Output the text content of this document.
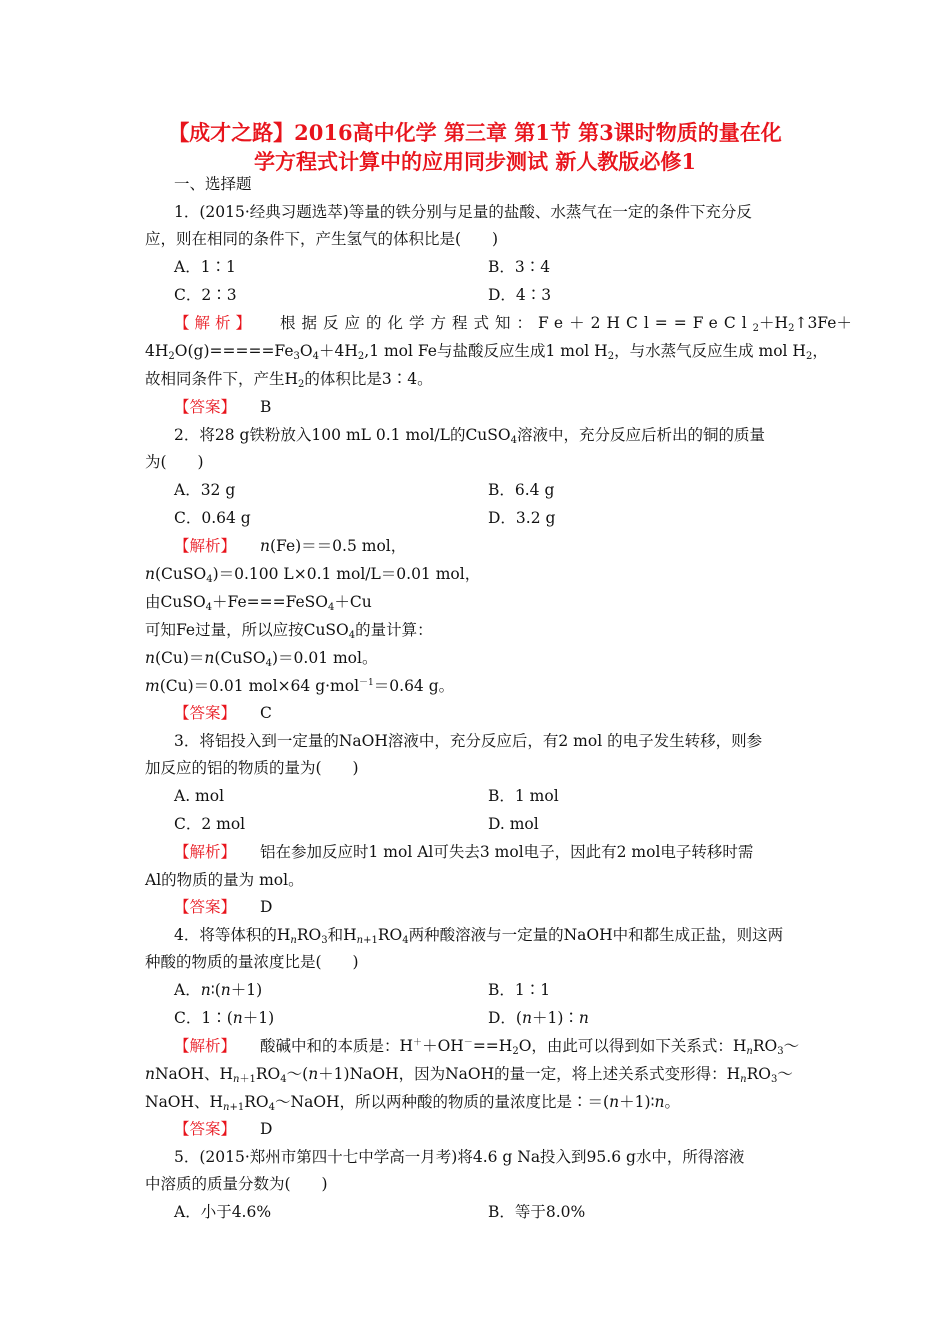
【成才之路】2016高中化学 第三章 第1节 第3课时物质的量在化
学方程式计算中的应用同步测试 新人教版必修1
一、选择题
1．(2015·经典习题选萃)等量的铁分别与足量的盐酸、水蒸气在一定的条件下充分反
应，则在相同的条件下，产生氢气的体积比是(　　)
A．1∶1	B．3∶4
C．2∶3	D．4∶3
【解析】 根据反应的化学方程式知：$Fe+2HCl==FeCl_2+H_2↑3Fe+$
$4H_2O(g)=====Fe_3O_4+4H_2,1$ mol Fe与盐酸反应生成1 mol $H_2$，与水蒸气反应生成 mol $H_2$，
故相同条件下，产生$H_2$的体积比是3∶4。
【答案】 B
2．将28 g铁粉放入100 mL 0.1 mol/L的CuSO$_4$溶液中，充分反应后析出的铜的质量
为(　　)
A．32 g	B．6.4 g
C．0.64 g	D．3.2 g
【解析】 n(Fe)＝＝0.5 mol，
n(CuSO$_4$)＝0.100 L×0.1 mol/L＝0.01 mol，
由CuSO$_4$＋Fe===FeSO$_4$＋Cu
可知Fe过量，所以应按CuSO$_4$的量计算：
n(Cu)＝n(CuSO$_4$)＝0.01 mol。
m(Cu)＝0.01 mol×64 g·mol$^{-1}$＝0.64 g。
【答案】 C
3．将铝投入到一定量的NaOH溶液中，充分反应后，有2 mol 的电子发生转移，则参
加反应的铝的物质的量为(　　)
A. mol	B．1 mol
C．2 mol	D. mol
【解析】 铝在参加反应时1 mol Al可失去3 mol电子，因此有2 mol电子转移时需
Al的物质的量为 mol。
【答案】 D
4．将等体积的$H_nRO_3$和$H_{n+1}RO_4$两种酸溶液与一定量的NaOH中和都生成正盐，则这两
种酸的物质的量浓度比是(　　)
A．n∶(n＋1)	B．1∶1
C．1∶(n＋1)	D．(n＋1)∶n
【解析】 酸碱中和的本质是：$H^++OH^-==H_2O$，由此可以得到如下关系式：$H_nRO_3\sim$
nNaOH、$H_{n+1}RO_4\sim(n+1)NaOH$，因为NaOH的量一定，将上述关系式变形得：$H_nRO_3\sim$
NaOH、$H_{n+1}RO_4\sim NaOH$，所以两种酸的物质的量浓度比是∶＝(n＋1)∶n。
【答案】 D
5．(2015·郑州市第四十七中学高一月考)将4.6 g Na投入到95.6 g水中，所得溶液
中溶质的质量分数为(　　)
A．小于4.6%	B．等于8.0%
